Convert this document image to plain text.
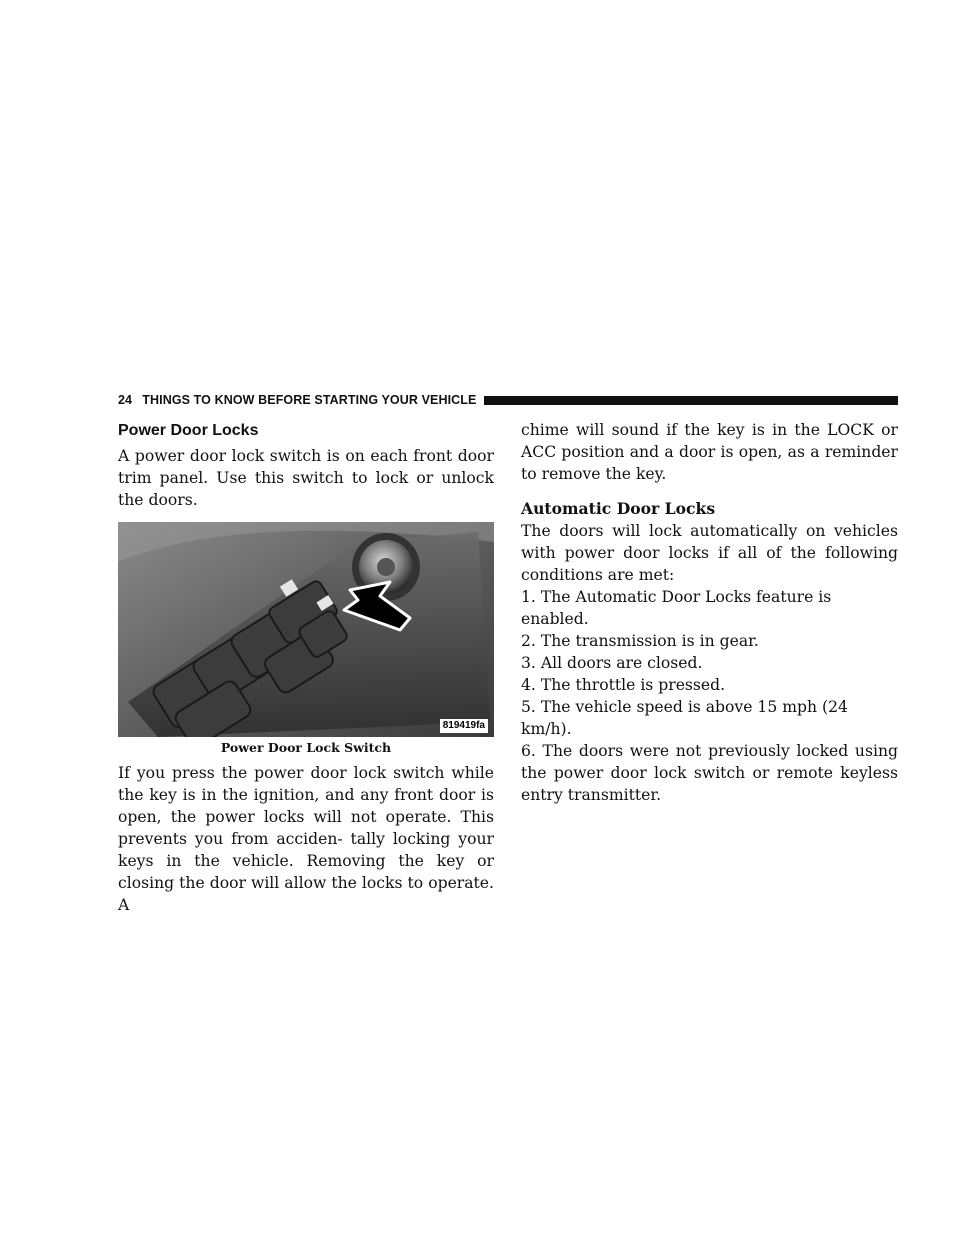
24
THINGS TO KNOW BEFORE STARTING YOUR VEHICLE
Power Door Locks

A power door lock switch is on each front door trim panel. Use this switch to lock or unlock the doors.

819419fa
Power Door Lock Switch

If you press the power door lock switch while the key is in the ignition, and any front door is open, the power locks will not operate. This prevents you from acciden- tally locking your keys in the vehicle. Removing the key or closing the door will allow the locks to operate. A

chime will sound if the key is in the LOCK or ACC position and a door is open, as a reminder to remove the key.

Automatic Door Locks

The doors will lock automatically on vehicles with power door locks if all of the following conditions are met:

1. The Automatic Door Locks feature is enabled.

2. The transmission is in gear.

3. All doors are closed.

4. The throttle is pressed.

5. The vehicle speed is above 15 mph (24 km/h).

6. The doors were not previously locked using the power door lock switch or remote keyless entry transmitter.
